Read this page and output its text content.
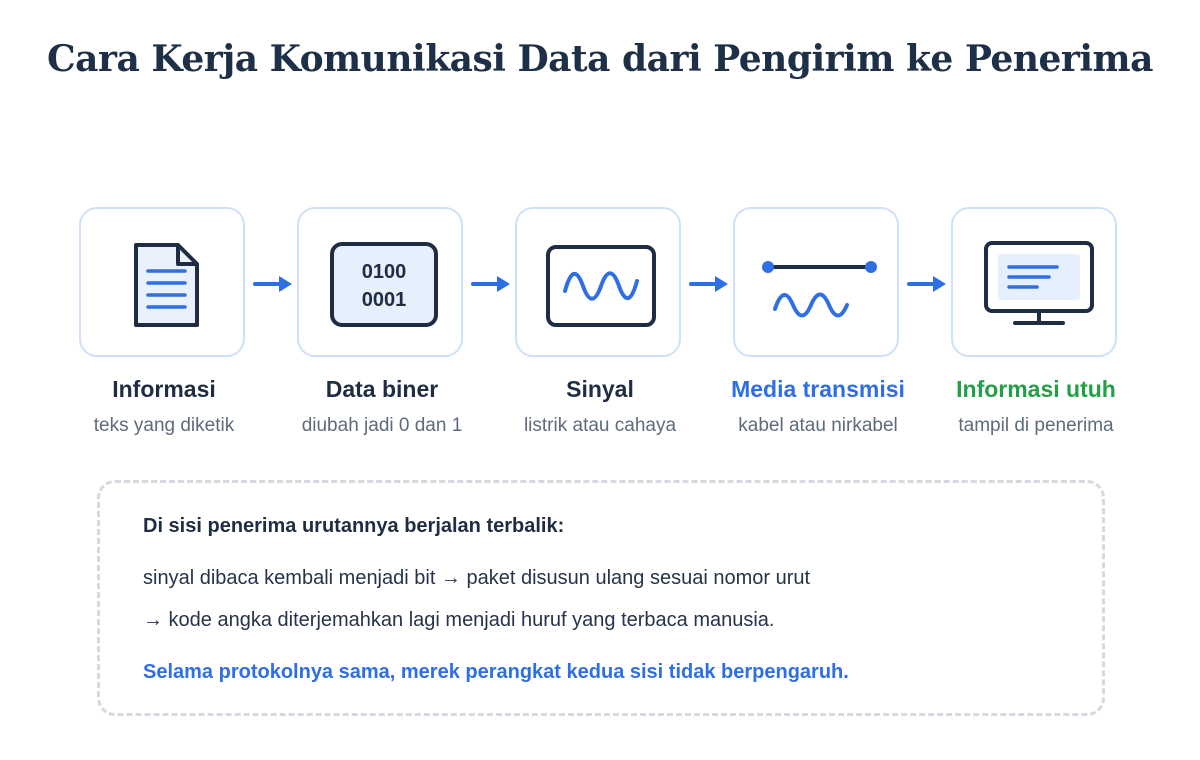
Cara Kerja Komunikasi Data dari Pengirim ke Penerima
0100
0001
Informasi
teks yang diketik
Data biner
diubah jadi 0 dan 1
Sinyal
listrik atau cahaya
Media transmisi
kabel atau nirkabel
Informasi utuh
tampil di penerima
Di sisi penerima urutannya berjalan terbalik:
sinyal dibaca kembali menjadi bit → paket disusun ulang sesuai nomor urut
→ kode angka diterjemahkan lagi menjadi huruf yang terbaca manusia.
Selama protokolnya sama, merek perangkat kedua sisi tidak berpengaruh.
